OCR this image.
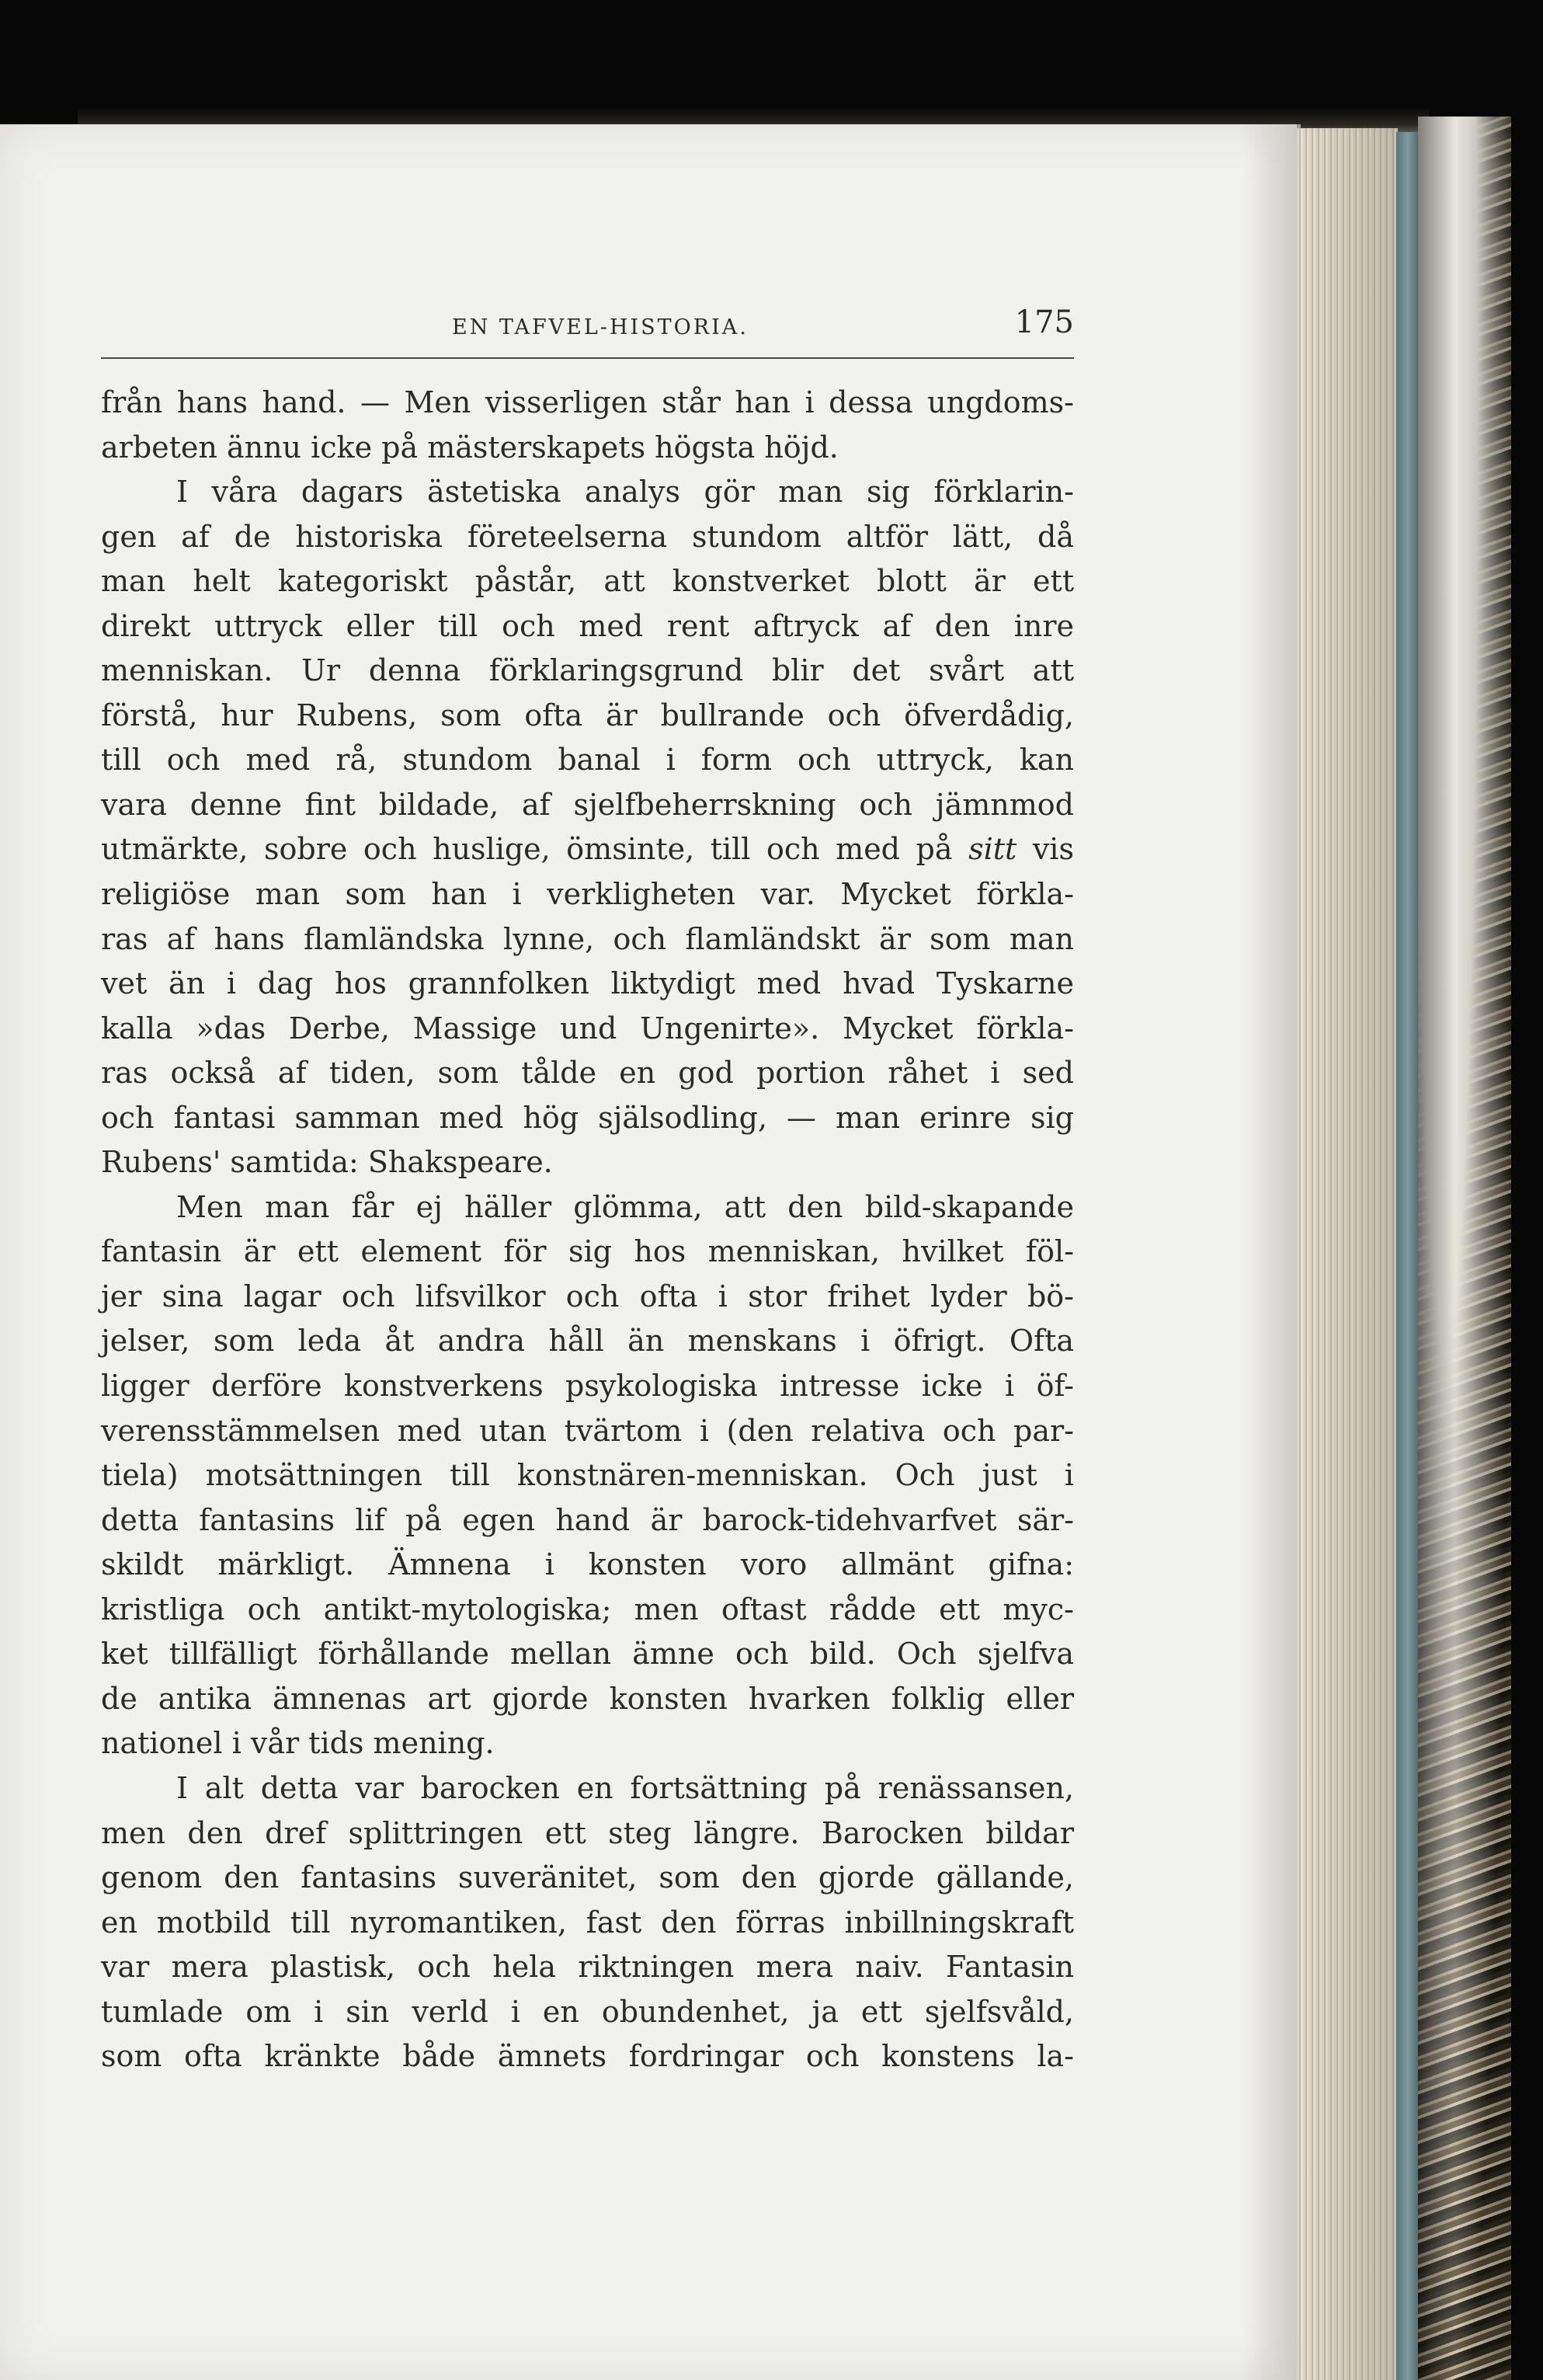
EN TAFVEL-HISTORIA.	175
från hans hand. — Men visserligen står han i dessa ungdoms-
arbeten ännu icke på mästerskapets högsta höjd.
I våra dagars ästetiska analys gör man sig förklarin-
gen af de historiska företeelserna stundom altför lätt, då
man helt kategoriskt påstår, att konstverket blott är ett
direkt uttryck eller till och med rent aftryck af den inre
menniskan. Ur denna förklaringsgrund blir det svårt att
förstå, hur Rubens, som ofta är bullrande och öfverdådig,
till och med rå, stundom banal i form och uttryck, kan
vara denne fint bildade, af sjelfbeherrskning och jämnmod
utmärkte, sobre och huslige, ömsinte, till och med på sitt vis
religiöse man som han i verkligheten var. Mycket förkla-
ras af hans flamländska lynne, och flamländskt är som man
vet än i dag hos grannfolken liktydigt med hvad Tyskarne
kalla »das Derbe, Massige und Ungenirte». Mycket förkla-
ras också af tiden, som tålde en god portion råhet i sed
och fantasi samman med hög själsodling, — man erinre sig
Rubens' samtida: Shakspeare.
Men man får ej häller glömma, att den bild-skapande
fantasin är ett element för sig hos menniskan, hvilket föl-
jer sina lagar och lifsvilkor och ofta i stor frihet lyder bö-
jelser, som leda åt andra håll än menskans i öfrigt. Ofta
ligger derföre konstverkens psykologiska intresse icke i öf-
verensstämmelsen med utan tvärtom i (den relativa och par-
tiela) motsättningen till konstnären-menniskan. Och just i
detta fantasins lif på egen hand är barock-tidehvarfvet sär-
skildt märkligt. Ämnena i konsten voro allmänt gifna:
kristliga och antikt-mytologiska; men oftast rådde ett myc-
ket tillfälligt förhållande mellan ämne och bild. Och sjelfva
de antika ämnenas art gjorde konsten hvarken folklig eller
nationel i vår tids mening.
I alt detta var barocken en fortsättning på renässansen,
men den dref splittringen ett steg längre. Barocken bildar
genom den fantasins suveränitet, som den gjorde gällande,
en motbild till nyromantiken, fast den förras inbillningskraft
var mera plastisk, och hela riktningen mera naiv. Fantasin
tumlade om i sin verld i en obundenhet, ja ett sjelfsvåld,
som ofta kränkte både ämnets fordringar och konstens la-
